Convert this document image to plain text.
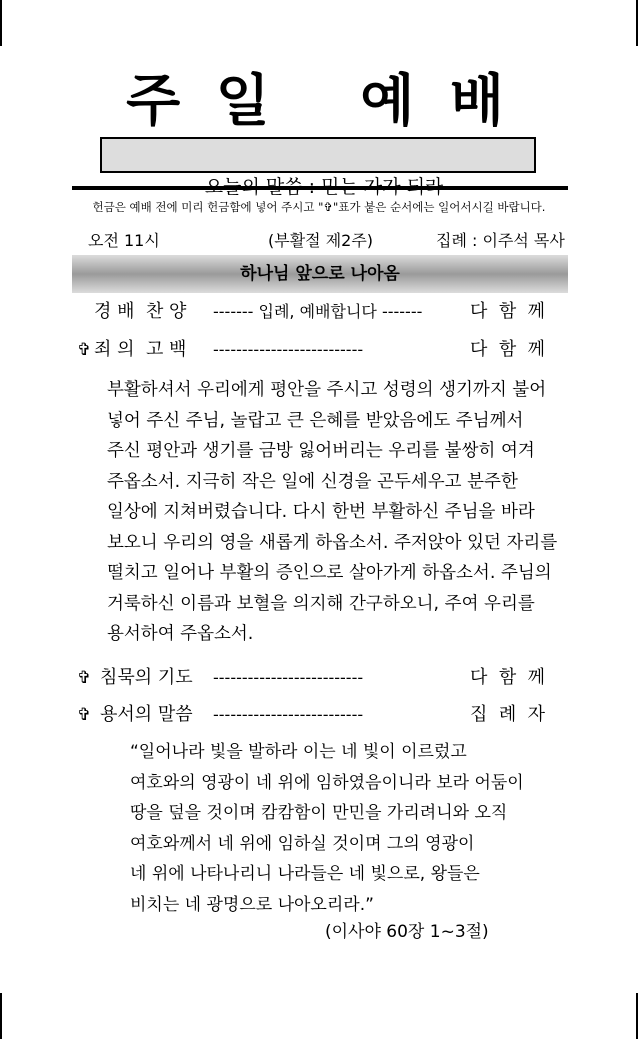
주 일   예 배

헌금은 예배 전에 미리 헌금함에 넣어 주시고 "✞"표가 붙은 순서에는 일어서시길 바랍니다.
오전 11시	(부활절 제2주)	집례 : 이주석 목사
하나님 앞으로 나아옴
경 배  찬 양 ------- 입례, 예배합니다 -------	다  함  께
✞ 죄 의  고 백 --------------------------	다  함  께
부활하셔서 우리에게 평안을 주시고 성령의 생기까지 불어
넣어 주신 주님, 놀랍고 큰 은혜를 받았음에도 주님께서
주신 평안과 생기를 금방 잃어버리는 우리를 불쌍히 여겨
주옵소서. 지극히 작은 일에 신경을 곤두세우고 분주한
일상에 지쳐버렸습니다. 다시 한번 부활하신 주님을 바라
보오니 우리의 영을 새롭게 하옵소서. 주저앉아 있던 자리를
떨치고 일어나 부활의 증인으로 살아가게 하옵소서. 주님의
거룩하신 이름과 보혈을 의지해 간구하오니, 주여 우리를
용서하여 주옵소서.
✞ 침묵의 기도 --------------------------	다  함  께
✞ 용서의 말씀 --------------------------	집  례  자
“일어나라 빛을 발하라 이는 네 빛이 이르렀고
여호와의 영광이 네 위에 임하였음이니라 보라 어둠이
땅을 덮을 것이며 캄캄함이 만민을 가리려니와 오직
여호와께서 네 위에 임하실 것이며 그의 영광이
네 위에 나타나리니 나라들은 네 빛으로, 왕들은
비치는 네 광명으로 나아오리라.”
(이사야 60장 1~3절)
